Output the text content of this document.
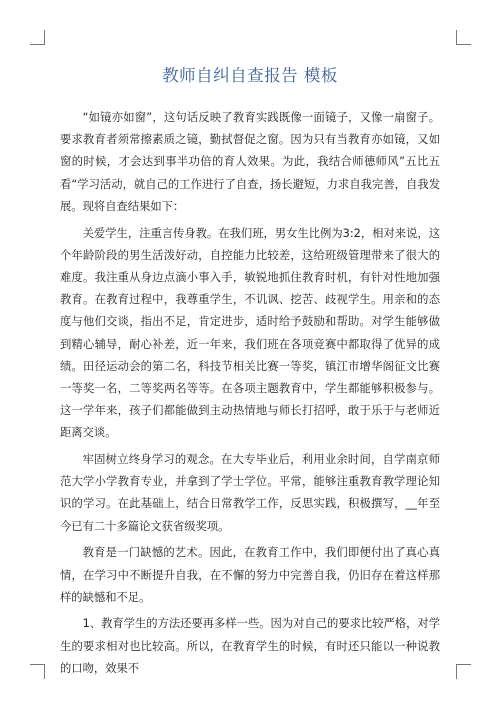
教师自纠自查报告 模板

“如镜亦如窗”，这句话反映了教育实践既像一面镜子，又像一扇窗子。要求教育者须常擦素质之镜，勤拭督促之窗。因为只有当教育亦如镜，又如窗的时候，才会达到事半功倍的育人效果。为此，我结合师德师风”五比五看“学习活动，就自己的工作进行了自查，扬长避短，力求自我完善，自我发展。现将自查结果如下：

关爱学生，注重言传身教。在我们班，男女生比例为3:2，相对来说，这个年龄阶段的男生活泼好动，自控能力比较差，这给班级管理带来了很大的难度。我注重从身边点滴小事入手，敏锐地抓住教育时机，有针对性地加强教育。在教育过程中，我尊重学生，不讥讽、挖苦、歧视学生。用亲和的态度与他们交谈，指出不足，肯定进步，适时给予鼓励和帮助。对学生能够做到精心辅导，耐心补差，近一年来，我们班在各项竞赛中都取得了优异的成绩。田径运动会的第二名，科技节相关比赛一等奖，镇江市增华阁征文比赛一等奖一名，二等奖两名等等。在各项主题教育中，学生都能够积极参与。这一学年来，孩子们都能做到主动热情地与师长打招呼，敢于乐于与老师近距离交谈。

牢固树立终身学习的观念。在大专毕业后，利用业余时间，自学南京师范大学小学教育专业，并拿到了学士学位。平常，能够注重教育教学理论知识的学习。在此基础上，结合日常教学工作，反思实践，积极撰写，__年至今已有二十多篇论文获省级奖项。

教育是一门缺憾的艺术。因此，在教育工作中，我们即便付出了真心真情，在学习中不断提升自我，在不懈的努力中完善自我，仍旧存在着这样那样的缺憾和不足。

1、教育学生的方法还要再多样一些。因为对自己的要求比较严格，对学生的要求相对也比较高。所以，在教育学生的时候，有时还只能以一种说教的口吻，效果不
